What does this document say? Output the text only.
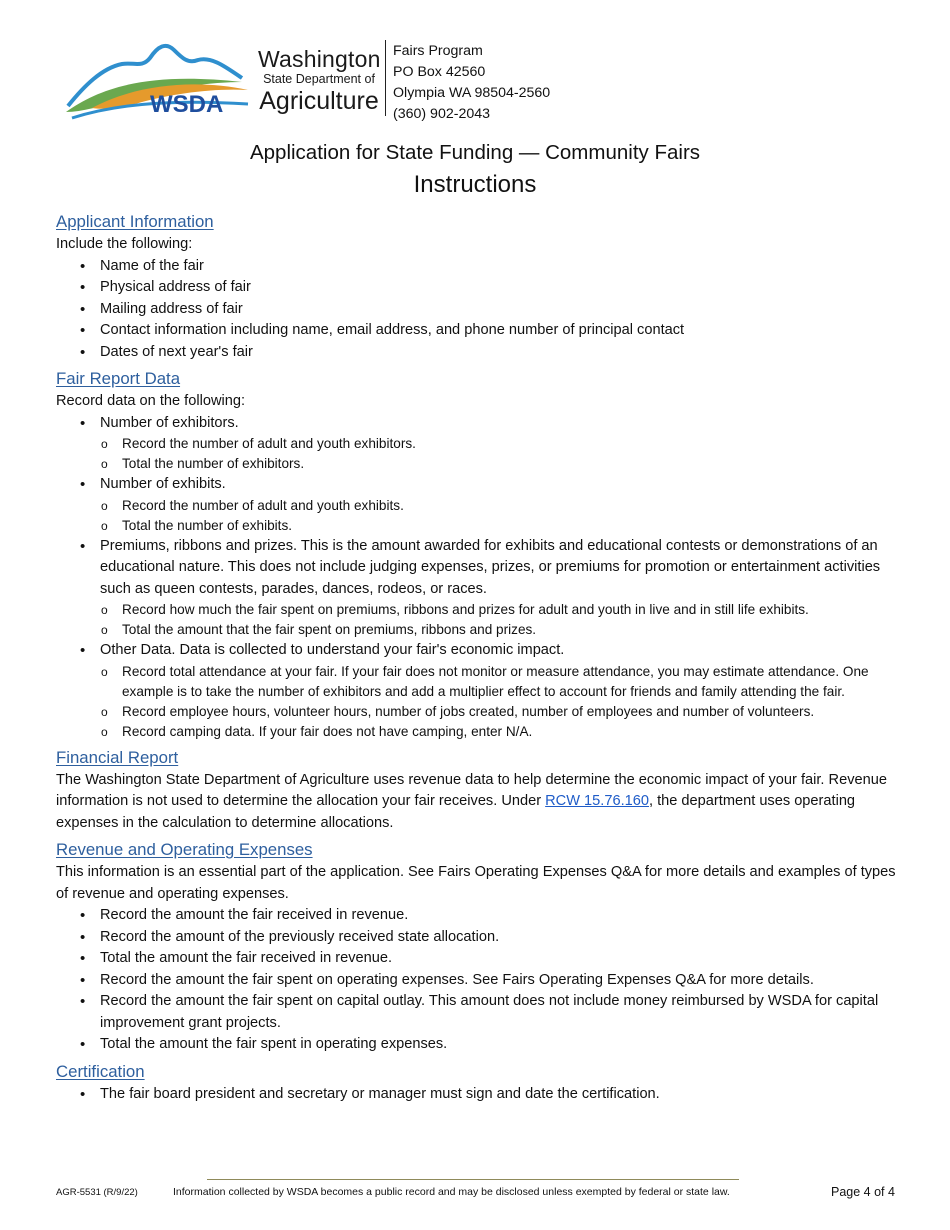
WSDA
Washington
State Department of
Agriculture
Fairs Program
PO Box 42560
Olympia WA 98504-2560
(360) 902-2043
Application for State Funding — Community Fairs
Instructions
Applicant Information
Include the following:
• Name of the fair
• Physical address of fair
• Mailing address of fair
• Contact information including name, email address, and phone number of principal contact
• Dates of next year's fair
Fair Report Data
Record data on the following:
• Number of exhibitors.
o Record the number of adult and youth exhibitors.
o Total the number of exhibitors.
• Number of exhibits.
o Record the number of adult and youth exhibits.
o Total the number of exhibits.
• Premiums, ribbons and prizes. This is the amount awarded for exhibits and educational contests or demonstrations of an educational nature. This does not include judging expenses, prizes, or premiums for promotion or entertainment activities such as queen contests, parades, dances, rodeos, or races.
o Record how much the fair spent on premiums, ribbons and prizes for adult and youth in live and in still life exhibits.
o Total the amount that the fair spent on premiums, ribbons and prizes.
• Other Data. Data is collected to understand your fair's economic impact.
o Record total attendance at your fair. If your fair does not monitor or measure attendance, you may estimate attendance. One example is to take the number of exhibitors and add a multiplier effect to account for friends and family attending the fair.
o Record employee hours, volunteer hours, number of jobs created, number of employees and number of volunteers.
o Record camping data. If your fair does not have camping, enter N/A.
Financial Report
The Washington State Department of Agriculture uses revenue data to help determine the economic impact of your fair. Revenue information is not used to determine the allocation your fair receives. Under RCW 15.76.160, the department uses operating expenses in the calculation to determine allocations.
Revenue and Operating Expenses
This information is an essential part of the application. See Fairs Operating Expenses Q&A for more details and examples of types of revenue and operating expenses.
• Record the amount the fair received in revenue.
• Record the amount of the previously received state allocation.
• Total the amount the fair received in revenue.
• Record the amount the fair spent on operating expenses. See Fairs Operating Expenses Q&A for more details.
• Record the amount the fair spent on capital outlay. This amount does not include money reimbursed by WSDA for capital improvement grant projects.
• Total the amount the fair spent in operating expenses.
Certification
• The fair board president and secretary or manager must sign and date the certification.
AGR-5531 (R/9/22)	Information collected by WSDA becomes a public record and may be disclosed unless exempted by federal or state law.	Page 4 of 4
